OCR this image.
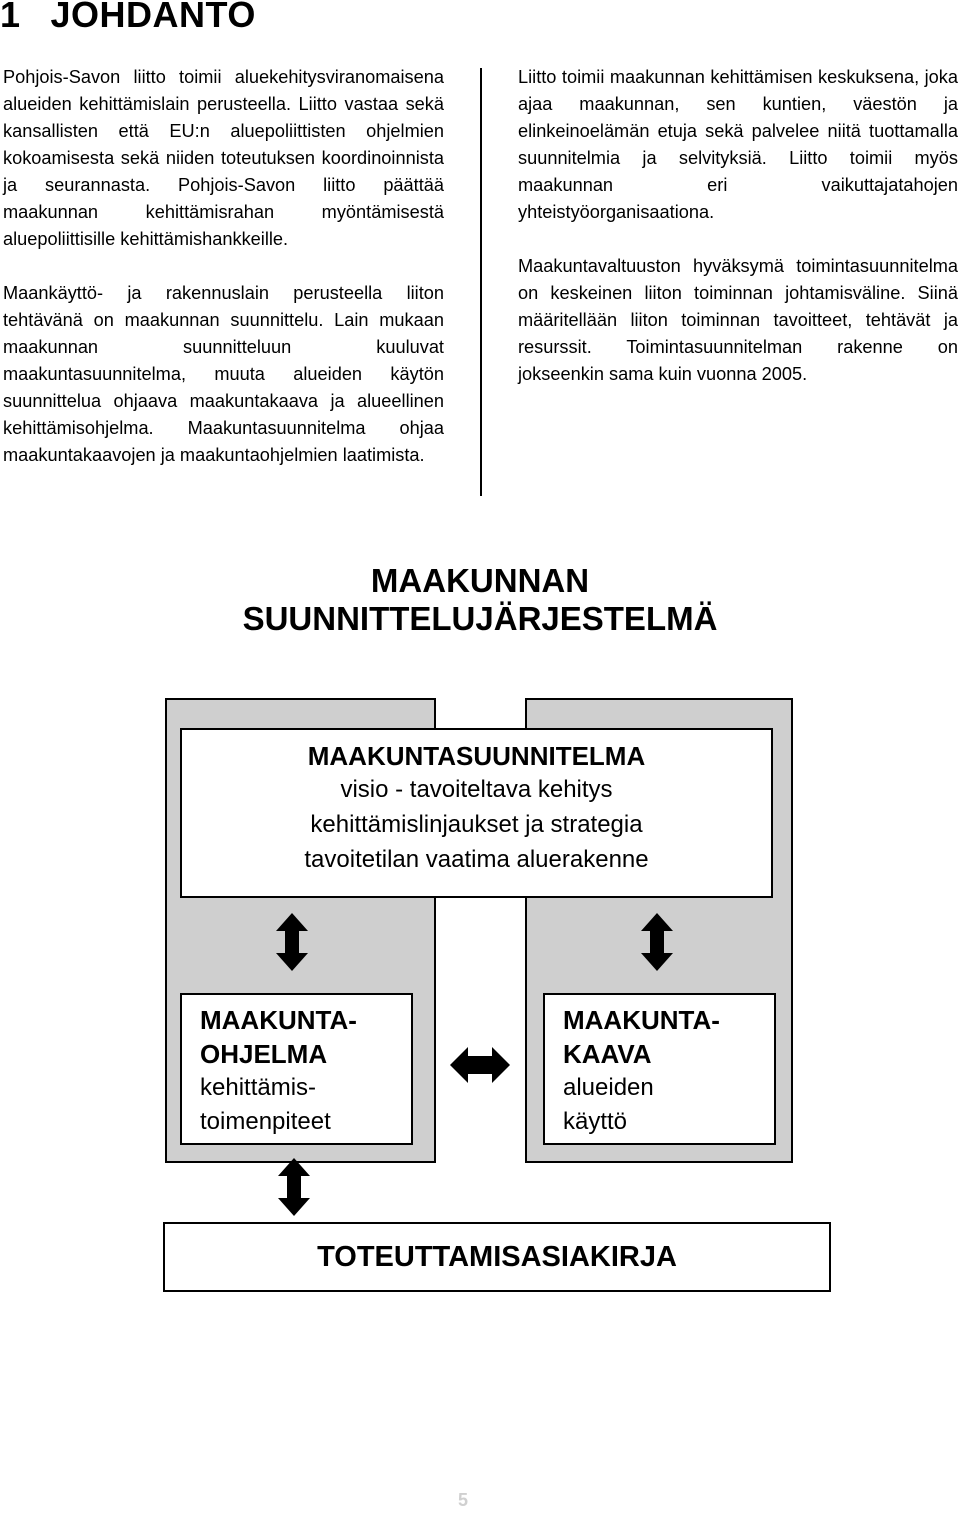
1 JOHDANTO

Pohjois-Savon liitto toimii aluekehitysviranomaisena alueiden kehittämislain perusteella. Liitto vastaa sekä kansallisten että EU:n aluepoliittisten ohjelmien kokoamisesta sekä niiden toteutuksen koordinoinnista ja seurannasta. Pohjois-Savon liitto päättää maakunnan kehittämisrahan myöntämisestä aluepoliittisille kehittämishankkeille.

Maankäyttö- ja rakennuslain perusteella liiton tehtävänä on maakunnan suunnittelu. Lain mukaan maakunnan suunnitteluun kuuluvat maakuntasuunnitelma, muuta alueiden käytön suunnittelua ohjaava maakuntakaava ja alueellinen kehittämisohjelma. Maakuntasuunnitelma ohjaa maakuntakaavojen ja maakuntaohjelmien laatimista.

Liitto toimii maakunnan kehittämisen keskuksena, joka ajaa maakunnan, sen kuntien, väestön ja elinkeinoelämän etuja sekä palvelee niitä tuottamalla suunnitelmia ja selvityksiä. Liitto toimii myös maakunnan eri vaikuttajatahojen yhteistyöorganisaationa.

Maakuntavaltuuston hyväksymä toimintasuunnitelma on keskeinen liiton toiminnan johtamisväline. Siinä määritellään liiton toiminnan tavoitteet, tehtävät ja resurssit. Toimintasuunnitelman rakenne on jokseenkin sama kuin vuonna 2005.

MAAKUNNAN
SUUNNITTELUJÄRJESTELMÄ
MAAKUNTASUUNNITELMA
visio - tavoiteltava kehitys
kehittämislinjaukset ja strategia
tavoitetilan vaatima aluerakenne
MAAKUNTA-
OHJELMA
kehittämis-
toimenpiteet
MAAKUNTA-
KAAVA
alueiden
käyttö
TOTEUTTAMISASIAKIRJA
5
